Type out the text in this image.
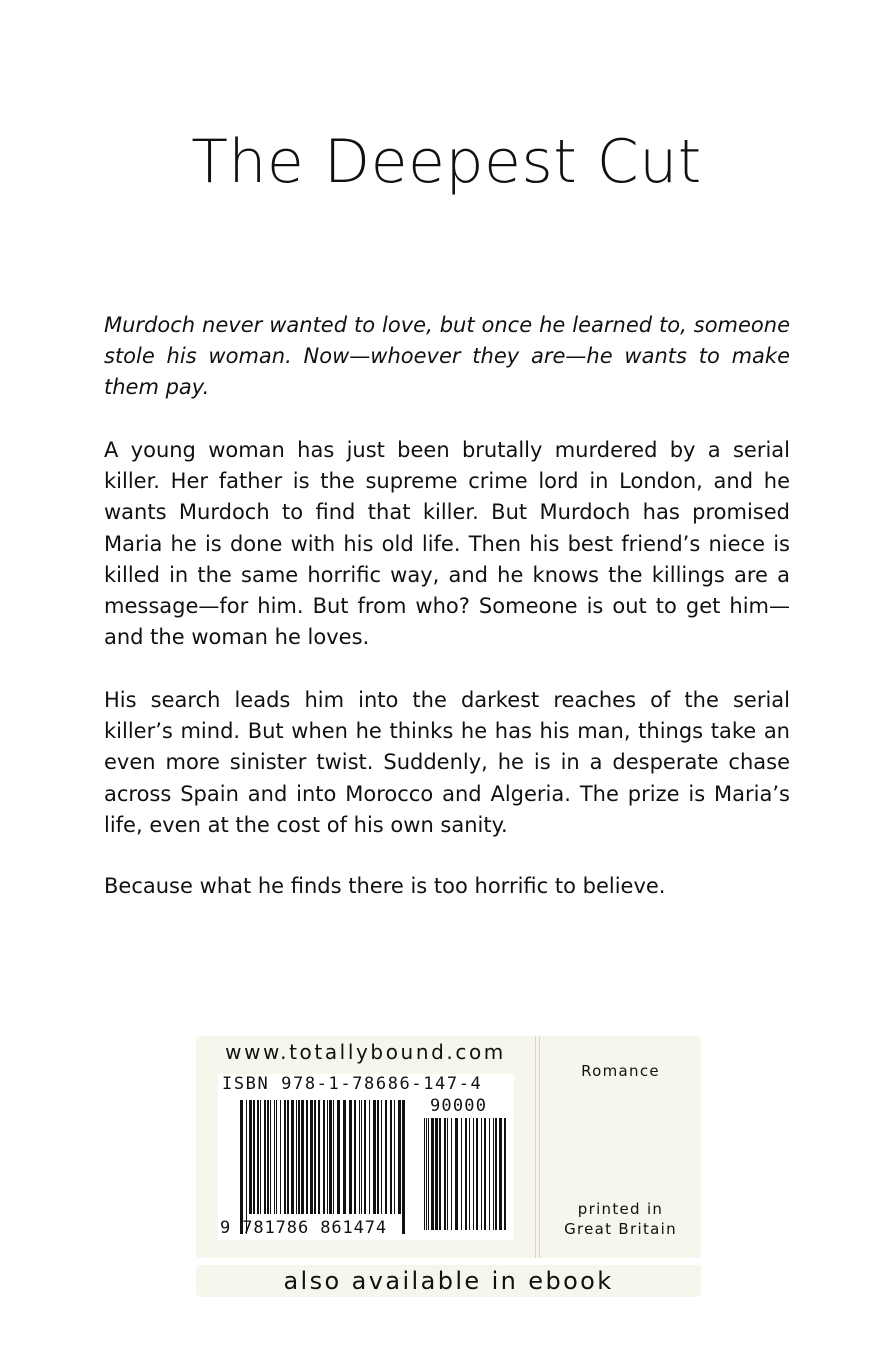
The Deepest Cut

Murdoch never wanted to love, but once he learned to, someone stole his woman. Now—whoever they are—he wants to make them pay.

A young woman has just been brutally murdered by a serial killer. Her father is the supreme crime lord in London, and he wants Murdoch to find that killer. But Murdoch has promised Maria he is done with his old life. Then his best friend’s niece is killed in the same horrific way, and he knows the killings are a message—for him. But from who? Someone is out to get him—and the woman he loves.

His search leads him into the darkest reaches of the serial killer’s mind. But when he thinks he has his man, things take an even more sinister twist. Suddenly, he is in a desperate chase across Spain and into Morocco and Algeria. The prize is Maria’s life, even at the cost of his own sanity.

Because what he finds there is too horrific to believe.

www.totallybound.com
ISBN 978-1-78686-147-4
90000
9 781786 861474
Romance
printed in
Great Britain
also available in ebook
